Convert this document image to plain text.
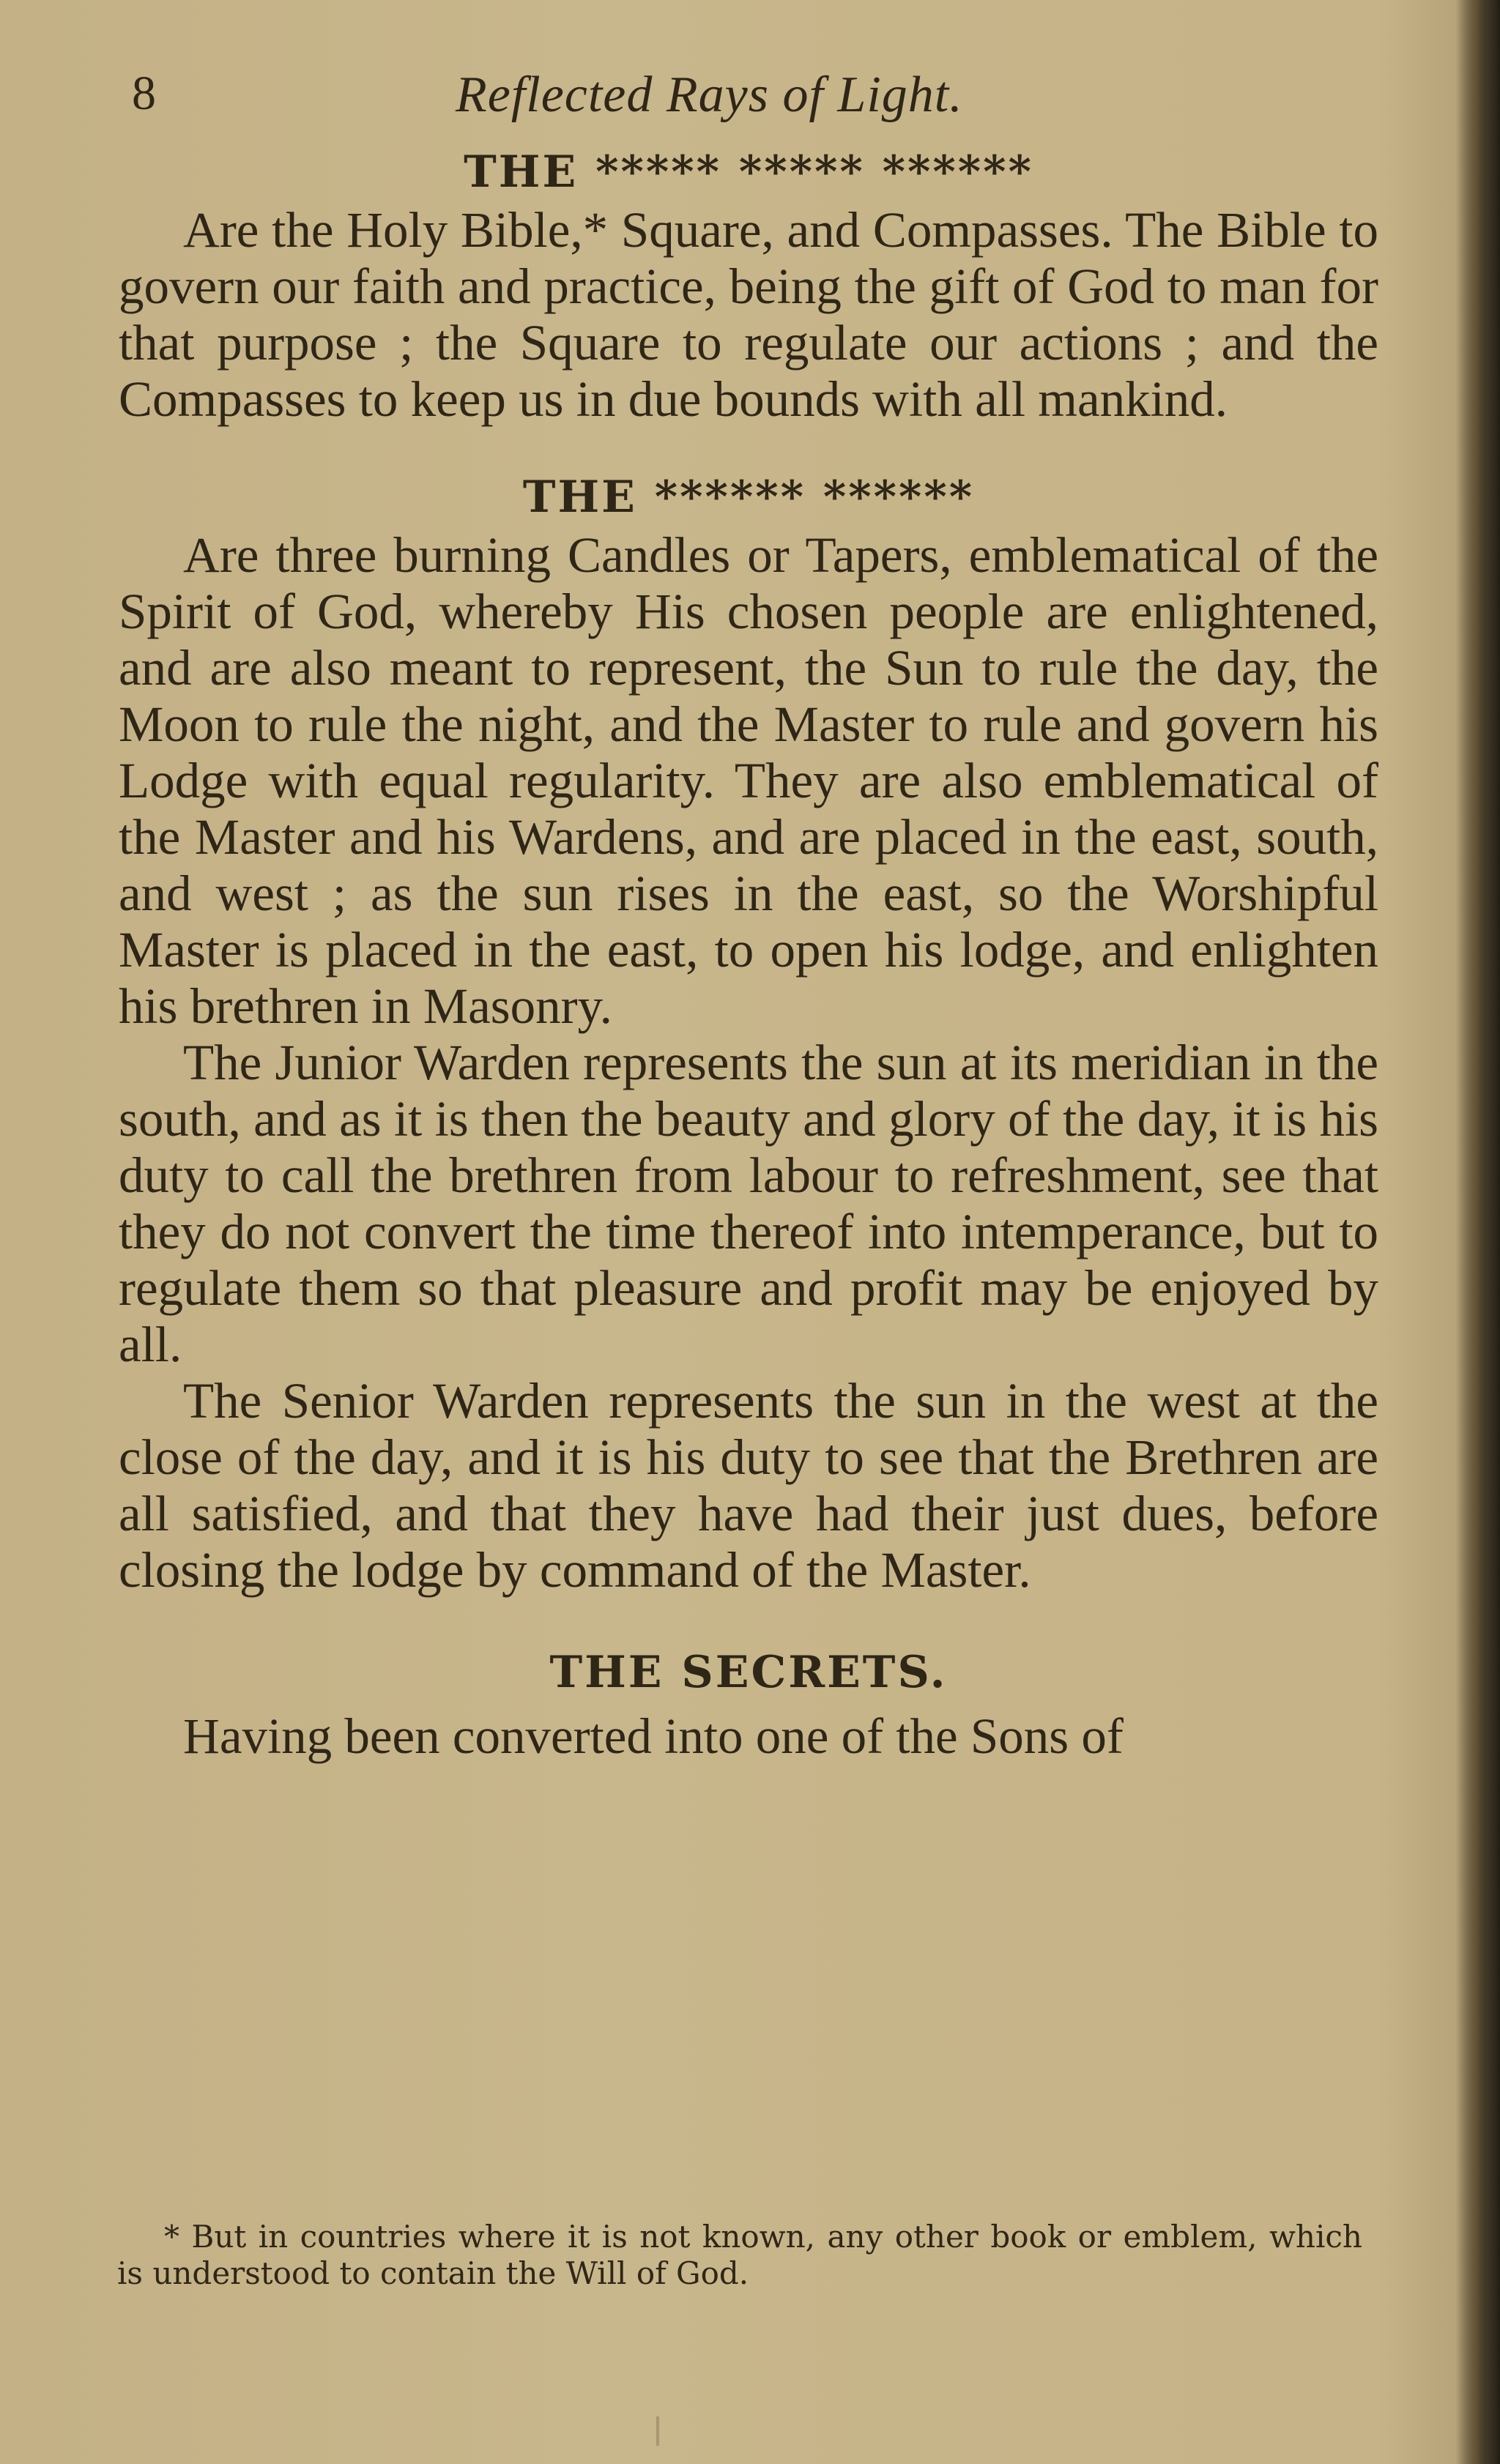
8	Reflected Rays of Light.
THE ***** ***** ******

Are the Holy Bible,* Square, and Compasses. The Bible to govern our faith and practice, being the gift of God to man for that purpose ; the Square to regulate our actions ; and the Compasses to keep us in due bounds with all mankind.

THE ****** ******

Are three burning Candles or Tapers, emblematical of the Spirit of God, whereby His chosen people are enlightened, and are also meant to represent, the Sun to rule the day, the Moon to rule the night, and the Master to rule and govern his Lodge with equal regularity. They are also emblematical of the Master and his Wardens, and are placed in the east, south, and west ; as the sun rises in the east, so the Worshipful Master is placed in the east, to open his lodge, and enlighten his brethren in Masonry.

The Junior Warden represents the sun at its meridian in the south, and as it is then the beauty and glory of the day, it is his duty to call the brethren from labour to refreshment, see that they do not convert the time thereof into intemperance, but to regulate them so that pleasure and profit may be enjoyed by all.

The Senior Warden represents the sun in the west at the close of the day, and it is his duty to see that the Brethren are all satisfied, and that they have had their just dues, before closing the lodge by command of the Master.

THE SECRETS.

Having been converted into one of the Sons of

* But in countries where it is not known, any other book or emblem, which is understood to contain the Will of God.
